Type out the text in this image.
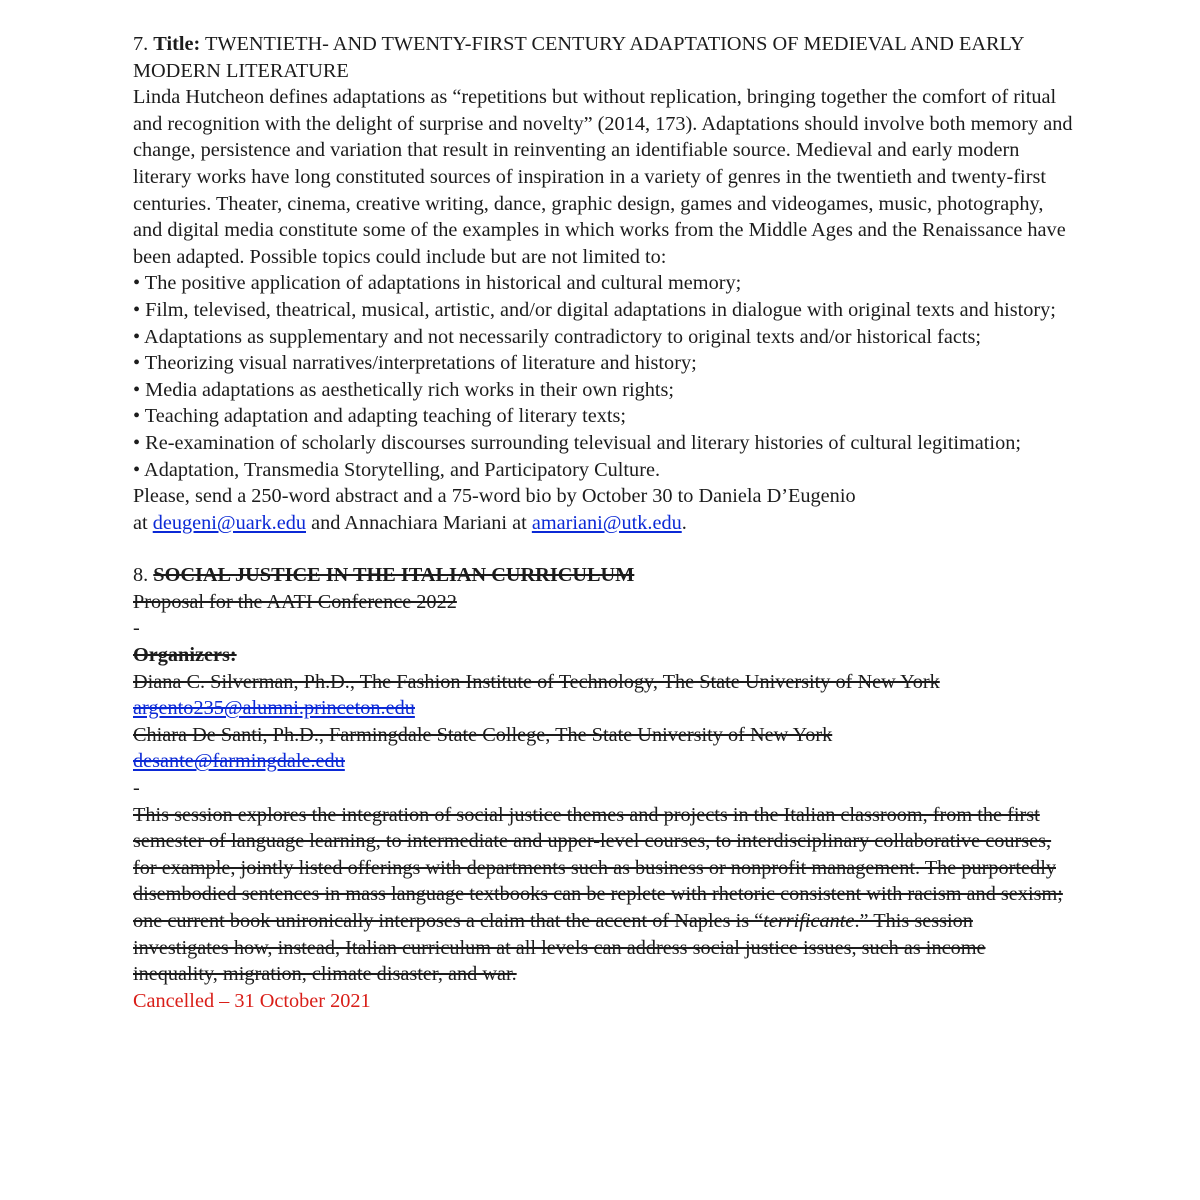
7. Title: TWENTIETH- AND TWENTY-FIRST CENTURY ADAPTATIONS OF MEDIEVAL AND EARLY MODERN LITERATURE

Linda Hutcheon defines adaptations as “repetitions but without replication, bringing together the comfort of ritual and recognition with the delight of surprise and novelty” (2014, 173). Adaptations should involve both memory and change, persistence and variation that result in reinventing an identifiable source. Medieval and early modern literary works have long constituted sources of inspiration in a variety of genres in the twentieth and twenty-first centuries. Theater, cinema, creative writing, dance, graphic design, games and videogames, music, photography, and digital media constitute some of the examples in which works from the Middle Ages and the Renaissance have been adapted. Possible topics could include but are not limited to:

• The positive application of adaptations in historical and cultural memory;
• Film, televised, theatrical, musical, artistic, and/or digital adaptations in dialogue with original texts and history;
• Adaptations as supplementary and not necessarily contradictory to original texts and/or historical facts;
• Theorizing visual narratives/interpretations of literature and history;
• Media adaptations as aesthetically rich works in their own rights;
• Teaching adaptation and adapting teaching of literary texts;
• Re-examination of scholarly discourses surrounding televisual and literary histories of cultural legitimation;
• Adaptation, Transmedia Storytelling, and Participatory Culture.

Please, send a 250-word abstract and a 75-word bio by October 30 to Daniela D’Eugenio
at deugeni@uark.edu and Annachiara Mariani at amariani@utk.edu.

8. SOCIAL JUSTICE IN THE ITALIAN CURRICULUM

Proposal for the AATI Conference 2022

-

Organizers:

Diana C. Silverman, Ph.D., The Fashion Institute of Technology, The State University of New York

argento235@alumni.princeton.edu

Chiara De Santi, Ph.D., Farmingdale State College, The State University of New York

desante@farmingdale.edu

-

This session explores the integration of social justice themes and projects in the Italian classroom, from the first semester of language learning, to intermediate and upper-level courses, to interdisciplinary collaborative courses, for example, jointly listed offerings with departments such as business or nonprofit management. The purportedly disembodied sentences in mass language textbooks can be replete with rhetoric consistent with racism and sexism; one current book unironically interposes a claim that the accent of Naples is “terrificante.” This session investigates how, instead, Italian curriculum at all levels can address social justice issues, such as income inequality, migration, climate disaster, and war.

Cancelled – 31 October 2021
